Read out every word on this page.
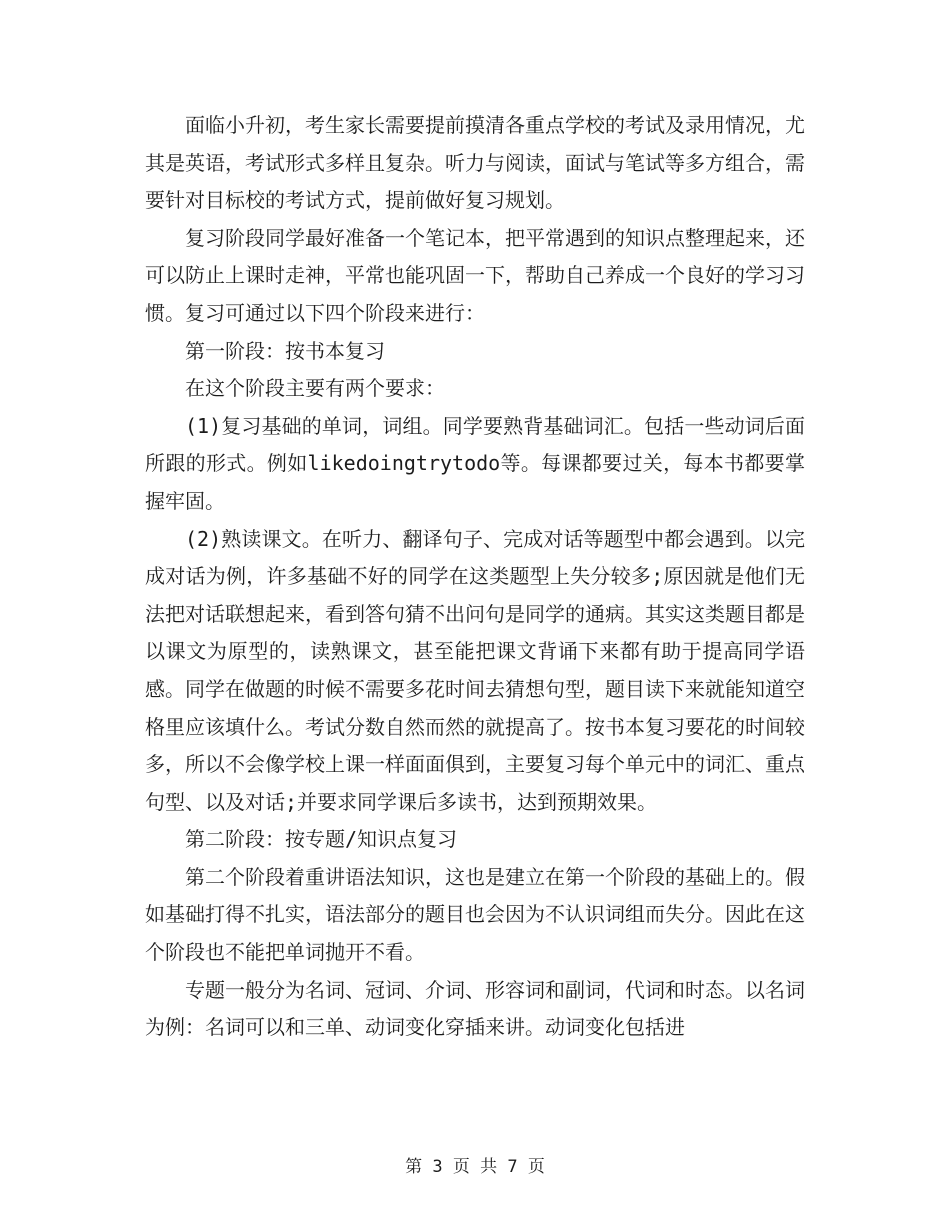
面临小升初，考生家长需要提前摸清各重点学校的考试及录用情况，尤其是英语，考试形式多样且复杂。听力与阅读，面试与笔试等多方组合，需要针对目标校的考试方式，提前做好复习规划。

复习阶段同学最好准备一个笔记本，把平常遇到的知识点整理起来，还可以防止上课时走神，平常也能巩固一下，帮助自己养成一个良好的学习习惯。复习可通过以下四个阶段来进行：

第一阶段：按书本复习

在这个阶段主要有两个要求：

(1)复习基础的单词，词组。同学要熟背基础词汇。包括一些动词后面所跟的形式。例如likedoingtrytodo等。每课都要过关，每本书都要掌握牢固。

(2)熟读课文。在听力、翻译句子、完成对话等题型中都会遇到。以完成对话为例，许多基础不好的同学在这类题型上失分较多;原因就是他们无法把对话联想起来，看到答句猜不出问句是同学的通病。其实这类题目都是以课文为原型的，读熟课文，甚至能把课文背诵下来都有助于提高同学语感。同学在做题的时候不需要多花时间去猜想句型，题目读下来就能知道空格里应该填什么。考试分数自然而然的就提高了。按书本复习要花的时间较多，所以不会像学校上课一样面面俱到，主要复习每个单元中的词汇、重点句型、以及对话;并要求同学课后多读书，达到预期效果。

第二阶段：按专题/知识点复习

第二个阶段着重讲语法知识，这也是建立在第一个阶段的基础上的。假如基础打得不扎实，语法部分的题目也会因为不认识词组而失分。因此在这个阶段也不能把单词抛开不看。

专题一般分为名词、冠词、介词、形容词和副词，代词和时态。以名词为例：名词可以和三单、动词变化穿插来讲。动词变化包括进

第 3 页 共 7 页
